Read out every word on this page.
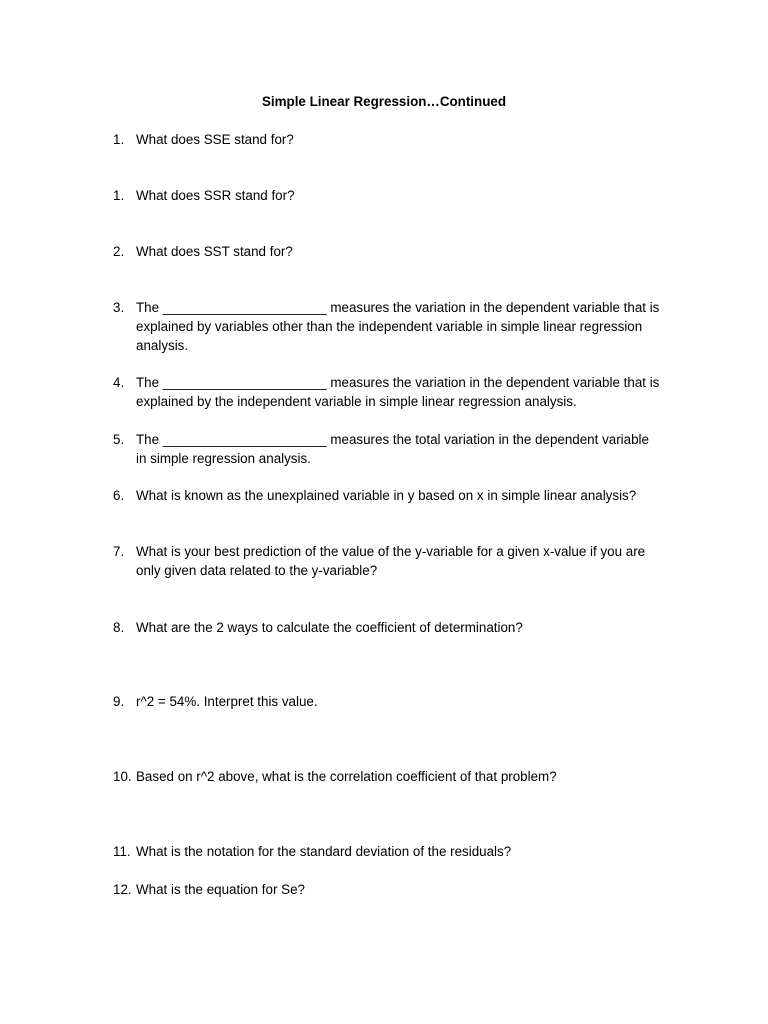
Simple Linear Regression…Continued
1. What does SSE stand for?
1. What does SSR stand for?
2. What does SST stand for?
3. The ______________________ measures the variation in the dependent variable that is
explained by variables other than the independent variable in simple linear regression
analysis.
4. The ______________________ measures the variation in the dependent variable that is
explained by the independent variable in simple linear regression analysis.
5. The ______________________ measures the total variation in the dependent variable
in simple regression analysis.
6. What is known as the unexplained variable in y based on x in simple linear analysis?
7. What is your best prediction of the value of the y-variable for a given x-value if you are
only given data related to the y-variable?
8. What are the 2 ways to calculate the coefficient of determination?
9. r^2 = 54%. Interpret this value.
10. Based on r^2 above, what is the correlation coefficient of that problem?
11. What is the notation for the standard deviation of the residuals?
12. What is the equation for Se?
